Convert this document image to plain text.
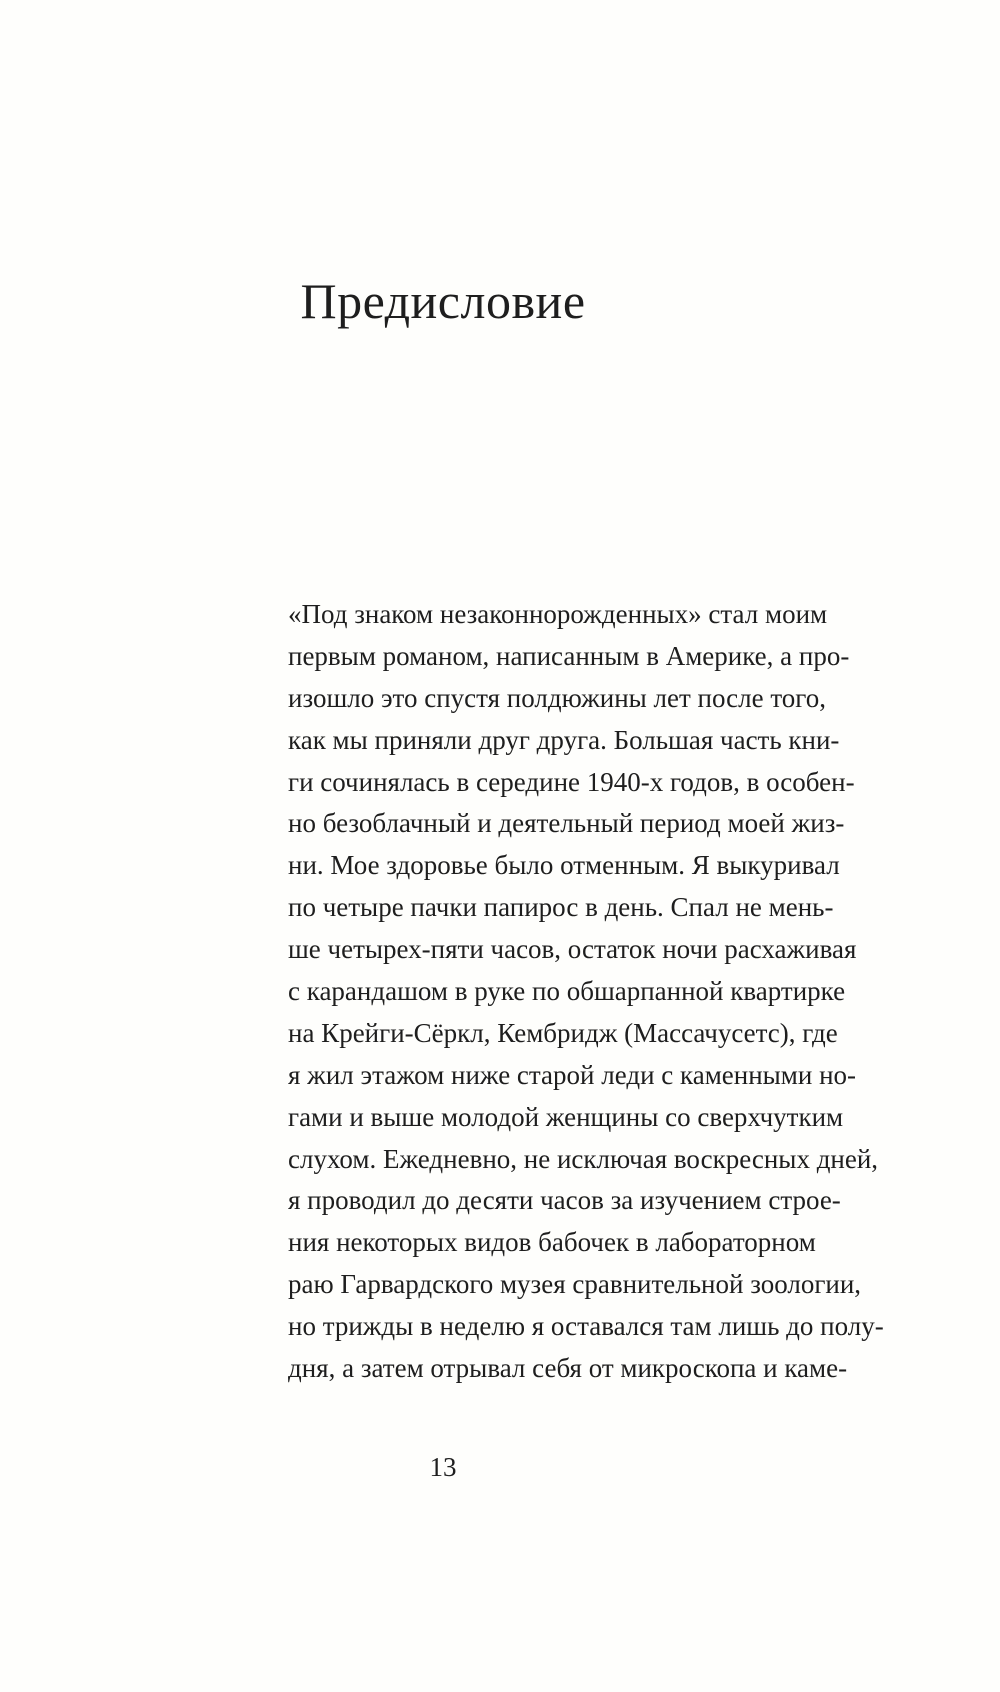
Предисловие
«Под знаком незаконнорожденных» стал моим
первым романом, написанным в Америке, а про-
изошло это спустя полдюжины лет после того,
как мы приняли друг друга. Большая часть кни-
ги сочинялась в середине 1940-х годов, в особен-
но безоблачный и деятельный период моей жиз-
ни. Мое здоровье было отменным. Я выкуривал
по четыре пачки папирос в день. Спал не мень-
ше четырех-пяти часов, остаток ночи расхаживая
с карандашом в руке по обшарпанной квартирке
на Крейги-Сёркл, Кембридж (Массачусетс), где
я жил этажом ниже старой леди с каменными но-
гами и выше молодой женщины со сверхчутким
слухом. Ежедневно, не исключая воскресных дней,
я проводил до десяти часов за изучением строе-
ния некоторых видов бабочек в лабораторном
раю Гарвардского музея сравнительной зоологии,
но трижды в неделю я оставался там лишь до полу-
дня, а затем отрывал себя от микроскопа и каме-
13
